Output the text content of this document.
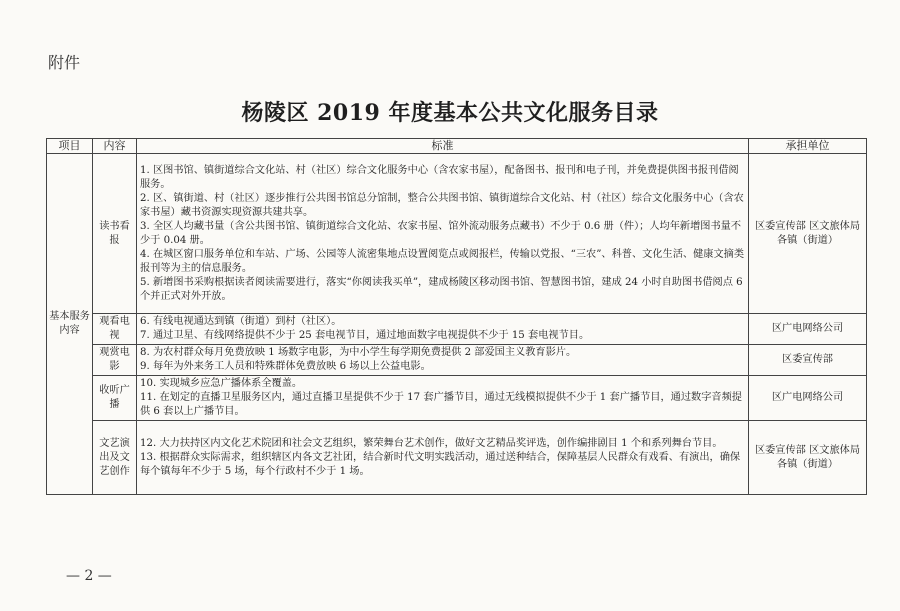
附件
杨陵区 2019 年度基本公共文化服务目录
项目	内容	标准	承担单位
基本服务内容	读书看报	1. 区图书馆、镇街道综合文化站、村（社区）综合文化服务中心（含农家书屋），配备图书、报刊和电子刊，并免费提供图书报刊借阅服务。
2. 区、镇街道、村（社区）逐步推行公共图书馆总分馆制，整合公共图书馆、镇街道综合文化站、村（社区）综合文化服务中心（含农家书屋）藏书资源实现资源共建共享。
3. 全区人均藏书量（含公共图书馆、镇街道综合文化站、农家书屋、馆外流动服务点藏书）不少于 0.6 册（件）；人均年新增图书量不少于 0.04 册。
4. 在城区窗口服务单位和车站、广场、公园等人流密集地点设置阅览点或阅报栏，传输以党报、“三农”、科普、文化生活、健康文摘类报刊等为主的信息服务。
5. 新增图书采购根据读者阅读需要进行，落实“你阅读我买单”，建成杨陵区移动图书馆、智慧图书馆，建成 24 小时自助图书借阅点 6 个并正式对外开放。	区委宣传部 区文旅体局 各镇（街道）
	观看电视	6. 有线电视通达到镇（街道）到村（社区）。
7. 通过卫星、有线网络提供不少于 25 套电视节目，通过地面数字电视提供不少于 15 套电视节目。	区广电网络公司
	观赏电影	8. 为农村群众每月免费放映 1 场数字电影，为中小学生每学期免费提供 2 部爱国主义教育影片。
9. 每年为外来务工人员和特殊群体免费放映 6 场以上公益电影。	区委宣传部
	收听广播	10. 实现城乡应急广播体系全覆盖。
11. 在划定的直播卫星服务区内，通过直播卫星提供不少于 17 套广播节目，通过无线模拟提供不少于 1 套广播节目，通过数字音频提供 6 套以上广播节目。	区广电网络公司
	文艺演出及文艺创作	12. 大力扶持区内文化艺术院团和社会文艺组织，繁荣舞台艺术创作，做好文艺精品奖评选，创作编排剧目 1 个和系列舞台节目。
13. 根据群众实际需求，组织辖区内各文艺社团，结合新时代文明实践活动，通过送种结合，保障基层人民群众有戏看、有演出，确保每个镇每年不少于 5 场，每个行政村不少于 1 场。	区委宣传部 区文旅体局 各镇（街道）
— 2 —
